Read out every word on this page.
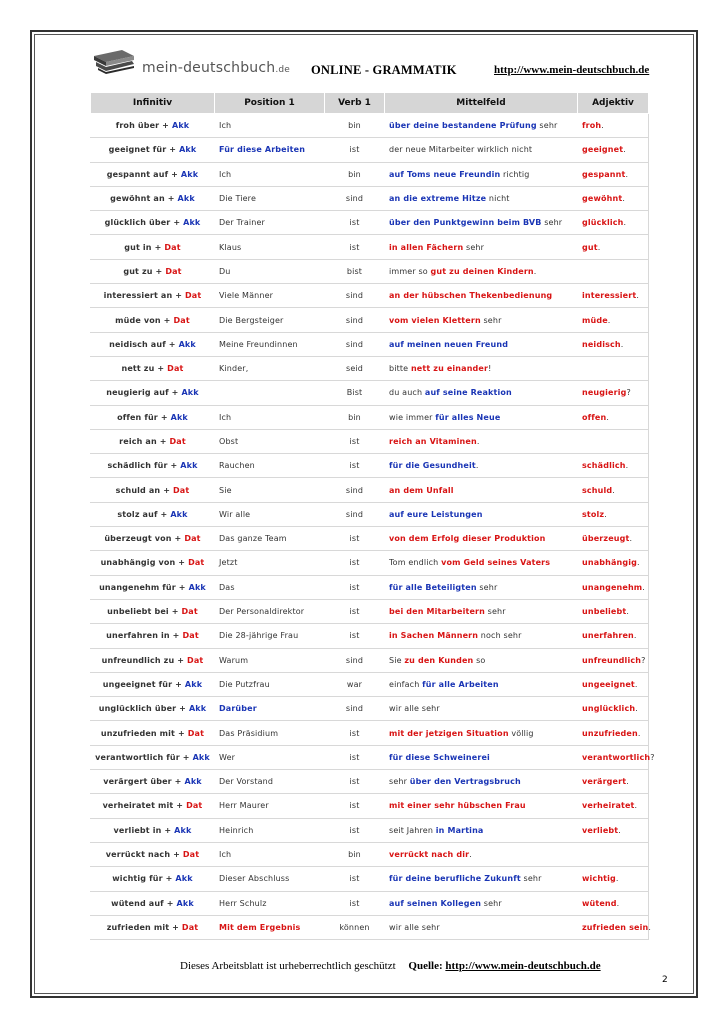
mein-deutschbuch.de ONLINE - GRAMMATIK	http://www.mein-deutschbuch.de
Infinitiv	Position 1	Verb 1	Mittelfeld	Adjektiv
froh über + Akk	Ich	bin	über deine bestandene Prüfung sehr	froh.
geeignet für + Akk	Für diese Arbeiten	ist	der neue Mitarbeiter wirklich nicht	geeignet.
gespannt auf + Akk	Ich	bin	auf Toms neue Freundin richtig	gespannt.
gewöhnt an + Akk	Die Tiere	sind	an die extreme Hitze nicht	gewöhnt.
glücklich über + Akk	Der Trainer	ist	über den Punktgewinn beim BVB sehr	glücklich.
gut in + Dat	Klaus	ist	in allen Fächern sehr	gut.
gut zu + Dat	Du	bist	immer so gut zu deinen Kindern.	
interessiert an + Dat	Viele Männer	sind	an der hübschen Thekenbedienung	interessiert.
müde von + Dat	Die Bergsteiger	sind	vom vielen Klettern sehr	müde.
neidisch auf + Akk	Meine Freundinnen	sind	auf meinen neuen Freund	neidisch.
nett zu + Dat	Kinder,	seid	bitte nett zu einander!	
neugierig auf + Akk		Bist	du auch auf seine Reaktion	neugierig?
offen für + Akk	Ich	bin	wie immer für alles Neue	offen.
reich an + Dat	Obst	ist	reich an Vitaminen.	
schädlich für + Akk	Rauchen	ist	für die Gesundheit.	schädlich.
schuld an + Dat	Sie	sind	an dem Unfall	schuld.
stolz auf + Akk	Wir alle	sind	auf eure Leistungen	stolz.
überzeugt von + Dat	Das ganze Team	ist	von dem Erfolg dieser Produktion	überzeugt.
unabhängig von + Dat	Jetzt	ist	Tom endlich vom Geld seines Vaters	unabhängig.
unangenehm für + Akk	Das	ist	für alle Beteiligten sehr	unangenehm.
unbeliebt bei + Dat	Der Personaldirektor	ist	bei den Mitarbeitern sehr	unbeliebt.
unerfahren in + Dat	Die 28-jährige Frau	ist	in Sachen Männern noch sehr	unerfahren.
unfreundlich zu + Dat	Warum	sind	Sie zu den Kunden so	unfreundlich?
ungeeignet für + Akk	Die Putzfrau	war	einfach für alle Arbeiten	ungeeignet.
unglücklich über + Akk	Darüber	sind	wir alle sehr	unglücklich.
unzufrieden mit + Dat	Das Präsidium	ist	mit der jetzigen Situation völlig	unzufrieden.
verantwortlich für + Akk	Wer	ist	für diese Schweinerei	verantwortlich?
verärgert über + Akk	Der Vorstand	ist	sehr über den Vertragsbruch	verärgert.
verheiratet mit + Dat	Herr Maurer	ist	mit einer sehr hübschen Frau	verheiratet.
verliebt in + Akk	Heinrich	ist	seit Jahren in Martina	verliebt.
verrückt nach + Dat	Ich	bin	verrückt nach dir.	
wichtig für + Akk	Dieser Abschluss	ist	für deine berufliche Zukunft sehr	wichtig.
wütend auf + Akk	Herr Schulz	ist	auf seinen Kollegen sehr	wütend.
zufrieden mit + Dat	Mit dem Ergebnis	können	wir alle sehr	zufrieden sein.
Dieses Arbeitsblatt ist urheberrechtlich geschützt Quelle: http://www.mein-deutschbuch.de
2
